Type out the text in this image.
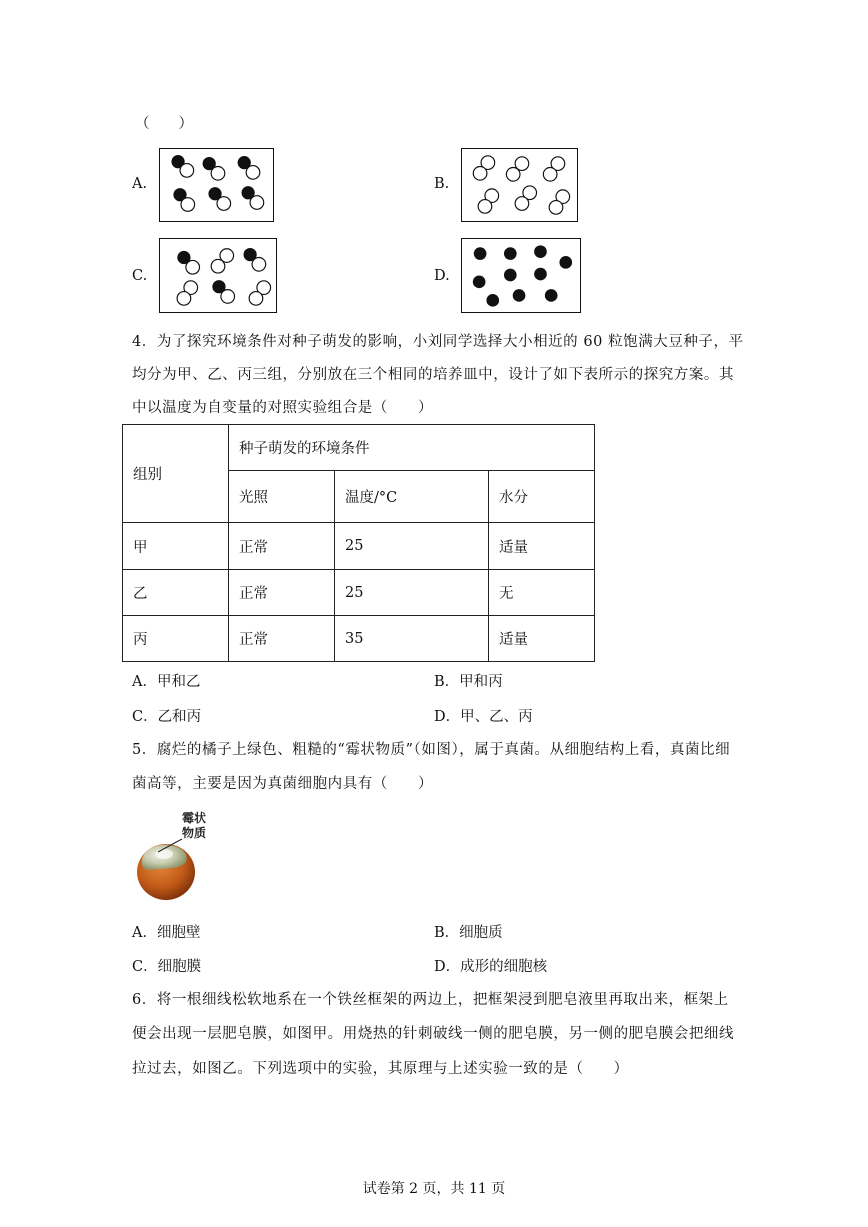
（　　）
A.	B.
C.	D.
4．为了探究环境条件对种子萌发的影响，小刘同学选择大小相近的 60 粒饱满大豆种子，平
均分为甲、乙、丙三组，分别放在三个相同的培养皿中，设计了如下表所示的探究方案。其
中以温度为自变量的对照实验组合是（　　）
组别	种子萌发的环境条件		
	光照	温度/°C	水分
甲	正常	25	适量
乙	正常	25	无
丙	正常	35	适量
A．甲和乙	B．甲和丙
C．乙和丙	D．甲、乙、丙
5．腐烂的橘子上绿色、粗糙的“霉状物质”（如图），属于真菌。从细胞结构上看，真菌比细
菌高等，主要是因为真菌细胞内具有（　　）
霉状
物质
A．细胞壁	B．细胞质
C．细胞膜	D．成形的细胞核
6．将一根细线松软地系在一个铁丝框架的两边上，把框架浸到肥皂液里再取出来，框架上
便会出现一层肥皂膜，如图甲。用烧热的针刺破线一侧的肥皂膜，另一侧的肥皂膜会把细线
拉过去，如图乙。下列选项中的实验，其原理与上述实验一致的是（　　）
试卷第 2 页，共 11 页
